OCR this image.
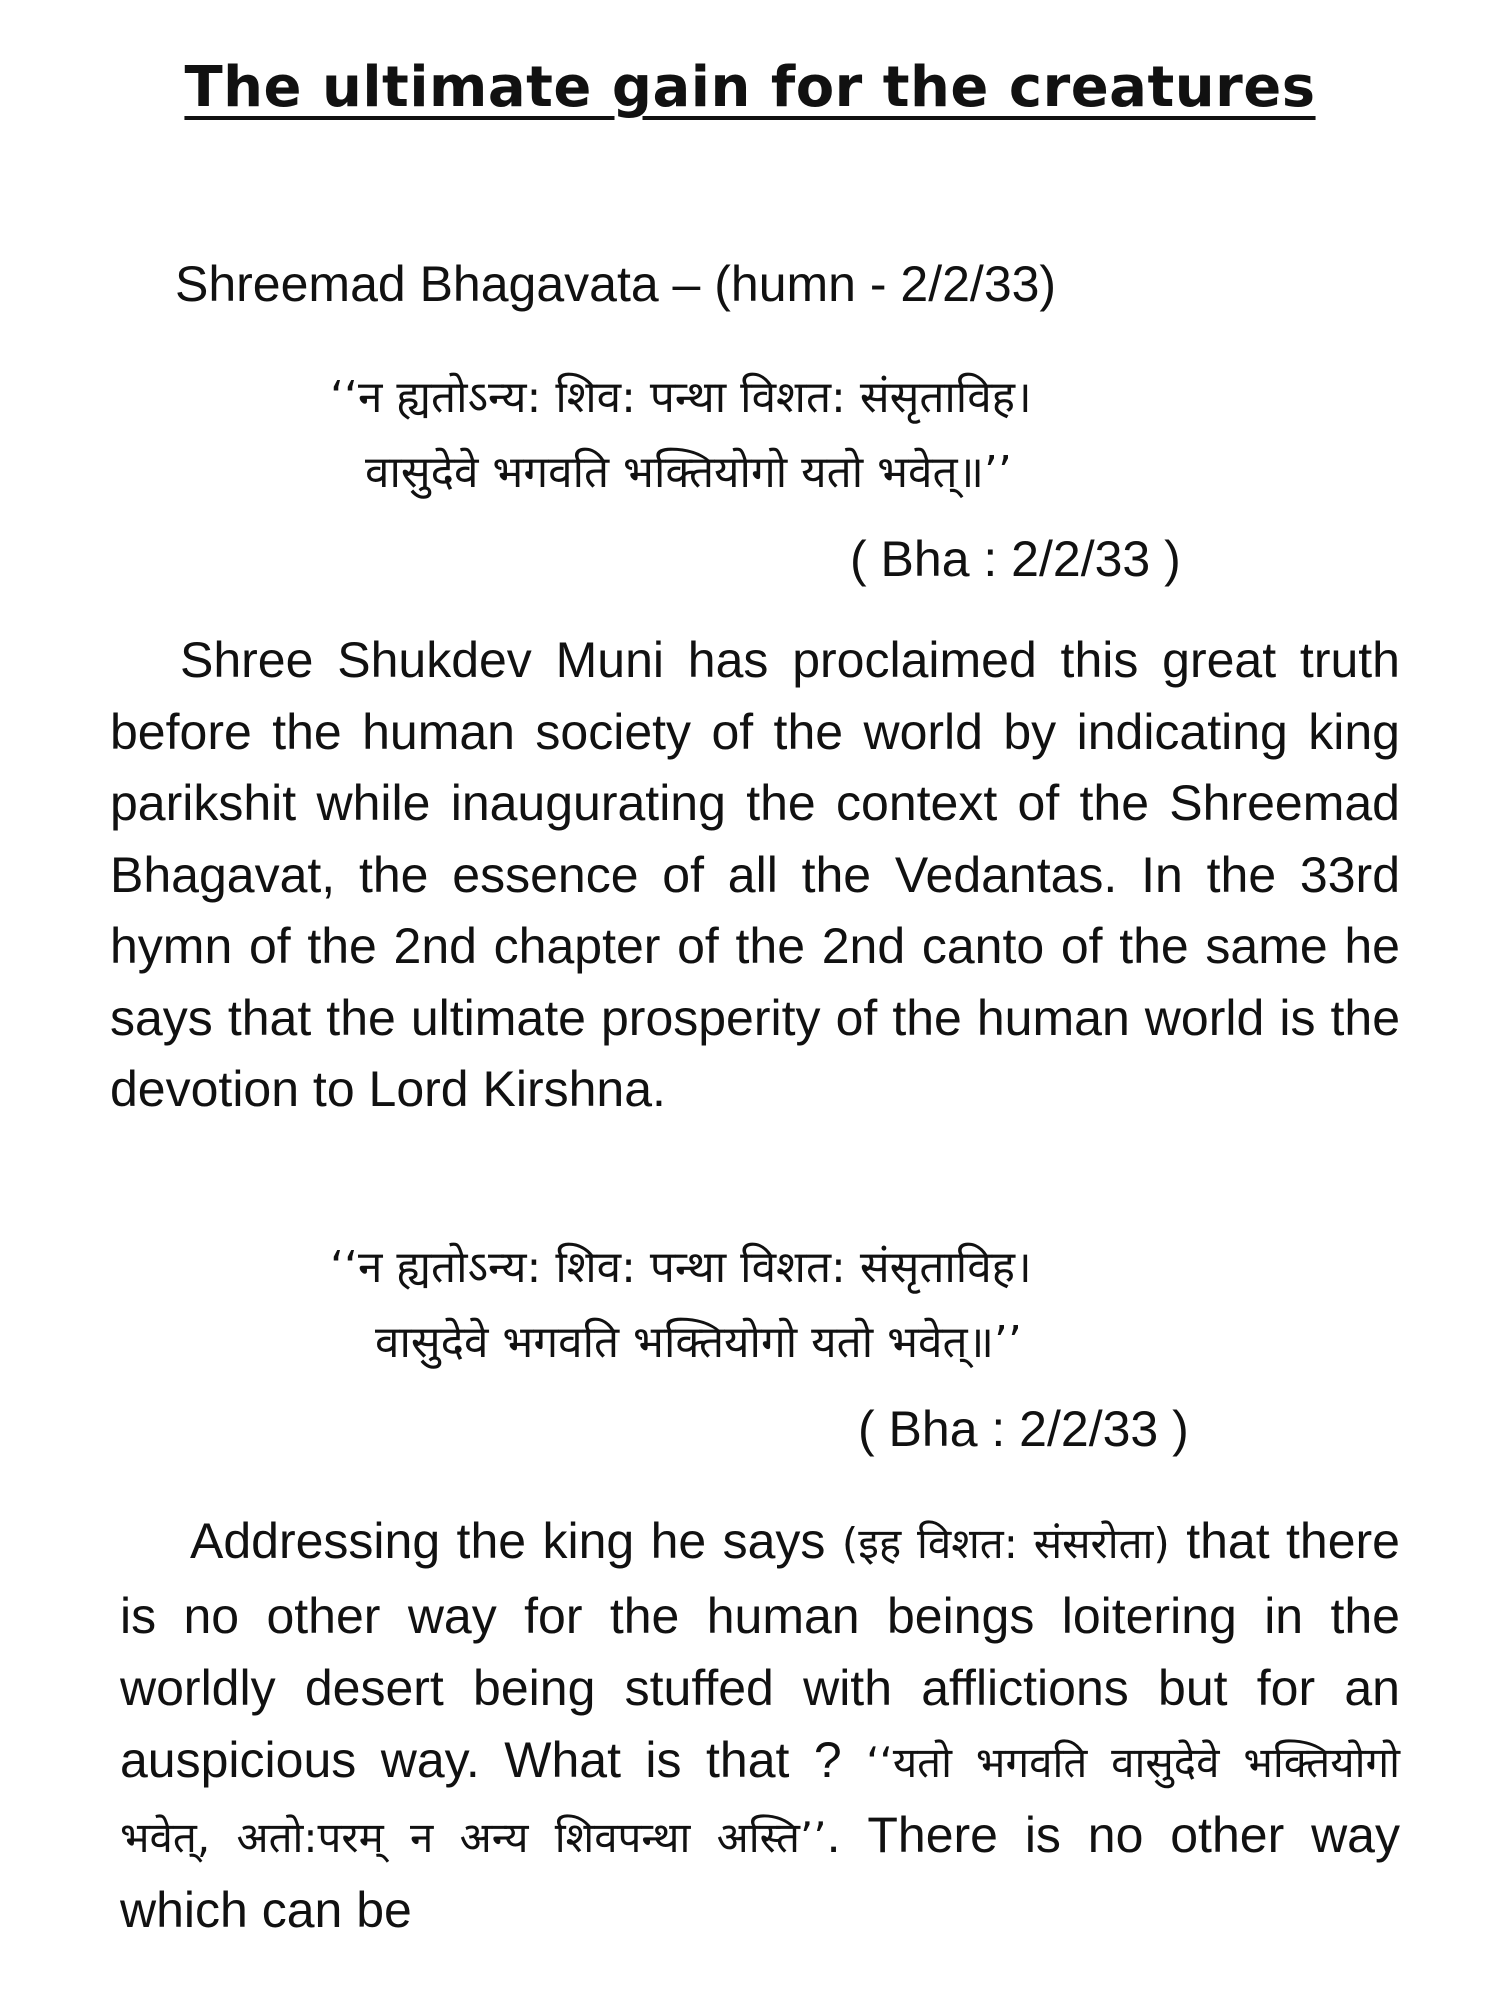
The ultimate gain for the creatures

Shreemad Bhagavata – (humn - 2/2/33)

‘‘न ह्यतोऽन्य: शिव: पन्था विशत: संसृताविह।

वासुदेवे भगवति भक्तियोगो यतो भवेत्॥’’

( Bha : 2/2/33 )

Shree Shukdev Muni has proclaimed this great truth before the human society of the world by indicating king parikshit while inaugurating the context of the Shreemad Bhagavat, the essence of all the Vedantas. In the 33rd hymn of the 2nd chapter of the 2nd canto of the same he says that the ultimate prosperity of the human world is the devotion to Lord Kirshna.

‘‘न ह्यतोऽन्य: शिव: पन्था विशत: संसृताविह।

वासुदेवे भगवति भक्तियोगो यतो भवेत्॥’’

( Bha : 2/2/33 )

Addressing the king he says (इह विशत: संसरोता) that there is no other way for the human beings loitering in the worldly desert being stuffed with afflictions but for an auspicious way. What is that ? ‘‘यतो भगवति वासुदेवे भक्तियोगो भवेत्, अतो:परम् न अन्य शिवपन्था अस्ति’’. There is no other way which can be
